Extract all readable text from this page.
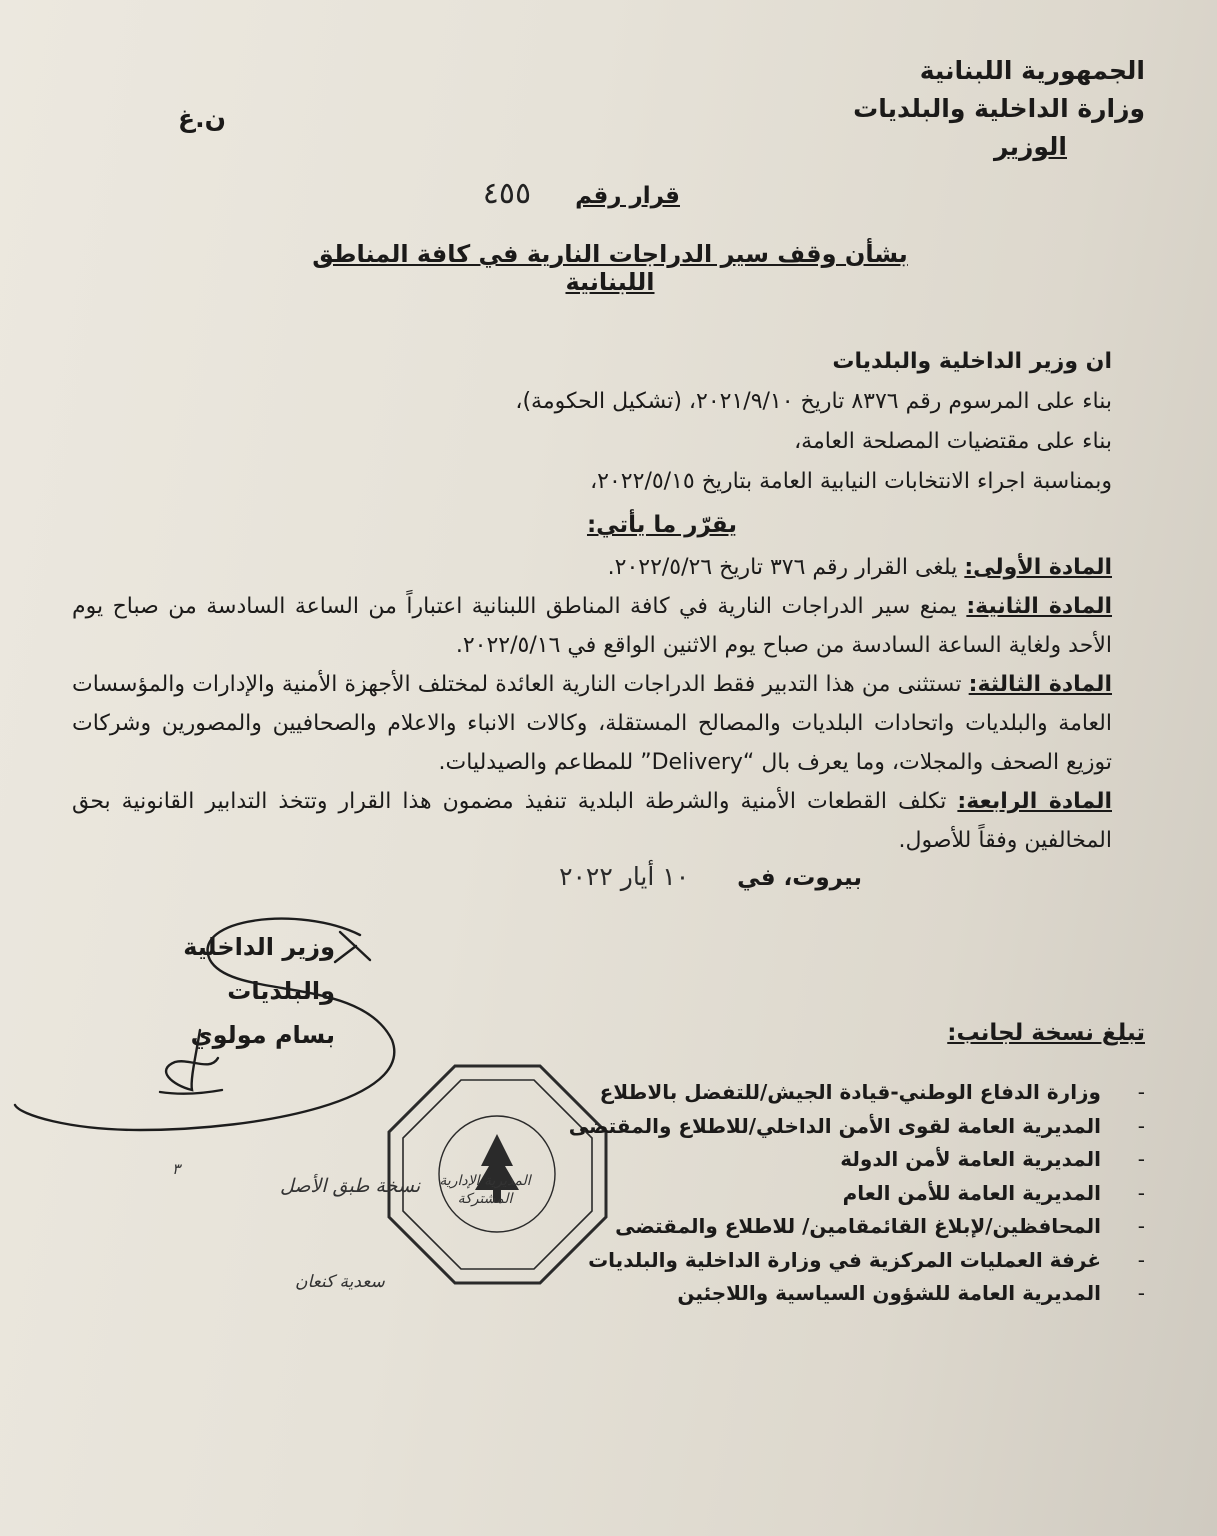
الجمهورية اللبنانية
وزارة الداخلية والبلديات
الوزير
ن.غ
قرار رقم ٤٥٥
بشأن وقف سير الدراجات النارية في كافة المناطق اللبنانية
ان وزير الداخلية والبلديات
بناء على المرسوم رقم ٨٣٧٦ تاريخ ٢٠٢١/٩/١٠، (تشكيل الحكومة)،
بناء على مقتضيات المصلحة العامة،
وبمناسبة اجراء الانتخابات النيابية العامة بتاريخ ٢٠٢٢/٥/١٥،
يقرّر ما يأتي:

المادة الأولى: يلغى القرار رقم ٣٧٦ تاريخ ٢٠٢٢/٥/٢٦.

المادة الثانية: يمنع سير الدراجات النارية في كافة المناطق اللبنانية اعتباراً من الساعة السادسة من صباح يوم الأحد ولغاية الساعة السادسة من صباح يوم الاثنين الواقع في ٢٠٢٢/٥/١٦.

المادة الثالثة: تستثنى من هذا التدبير فقط الدراجات النارية العائدة لمختلف الأجهزة الأمنية والإدارات والمؤسسات العامة والبلديات واتحادات البلديات والمصالح المستقلة، وكالات الانباء والاعلام والصحافيين والمصورين وشركات توزيع الصحف والمجلات، وما يعرف بال “Delivery” للمطاعم والصيدليات.

المادة الرابعة: تكلف القطعات الأمنية والشرطة البلدية تنفيذ مضمون هذا القرار وتتخذ التدابير القانونية بحق المخالفين وفقاً للأصول.

بيروت، في ١٠ أيار ٢٠٢٢
وزير الداخلية والبلديات
بسام مولوي
المديرية الإدارية المشتركة
نسخة طبق الأصل
سعدية كنعان
٣
تبلغ نسخة لجانب:
-
وزارة الدفاع الوطني-قيادة الجيش/للتفضل بالاطلاع
-
المديرية العامة لقوى الأمن الداخلي/للاطلاع والمقتضى
-
المديرية العامة لأمن الدولة
-
المديرية العامة للأمن العام
-
المحافظين/لإبلاغ القائمقامين/ للاطلاع والمقتضى
-
غرفة العمليات المركزية في وزارة الداخلية والبلديات
-
المديرية العامة للشؤون السياسية واللاجئين
